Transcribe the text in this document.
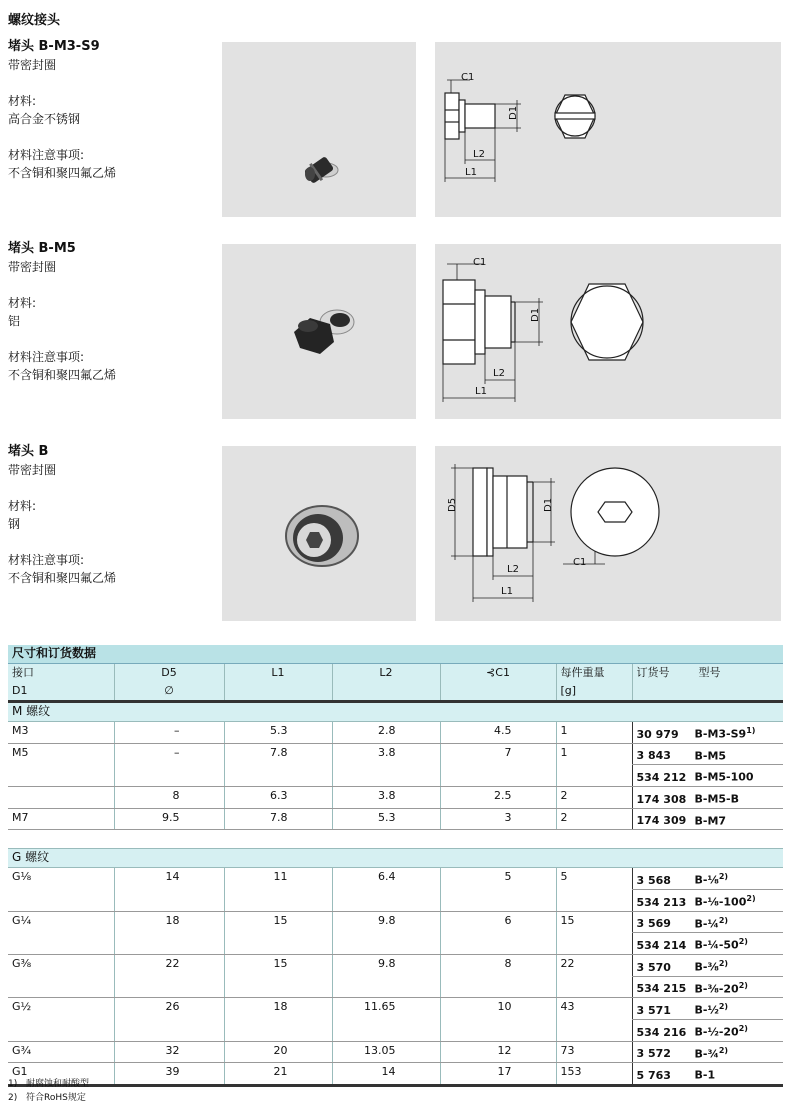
螺纹接头
堵头 B-M3-S9
带密封圈
材料:
高合金不锈钢
材料注意事项:
不含铜和聚四氟乙烯
C1
D1
L2
L1
堵头 B-M5
带密封圈
材料:
铝
材料注意事项:
不含铜和聚四氟乙烯
C1
D1
L2
L1
堵头 B
带密封圈
材料:
钢
材料注意事项:
不含铜和聚四氟乙烯
D5	D1
L2
L1
C1
尺寸和订货数据						
接口	D5	L1	L2	⊰C1	每件重量	订货号 型号
D1	∅				[g]	
M 螺纹						
M3	–	5.3	2.8	4.5	1	30 979 B-M3-S9$^{1)}$
M5	–	7.8	3.8	7	1	3 843 B-M5
						534 212 B-M5-100
	8	6.3	3.8	2.5	2	174 308 B-M5-B
M7	9.5	7.8	5.3	3	2	174 309 B-M7

G 螺纹						
G⅛	14	11	6.4	5	5	3 568 B-⅛$^{2)}$
						534 213 B-⅛-100$^{2)}$
G¼	18	15	9.8	6	15	3 569 B-¼$^{2)}$
						534 214 B-¼-50$^{2)}$
G⅜	22	15	9.8	8	22	3 570 B-⅜$^{2)}$
						534 215 B-⅜-20$^{2)}$
G½	26	18	11.65	10	43	3 571 B-½$^{2)}$
						534 216 B-½-20$^{2)}$
G¾	32	20	13.05	12	73	3 572 B-¾$^{2)}$
G1	39	21	14	17	153	5 763 B-1

1) 耐腐蚀和耐酸型
2) 符合RoHS规定
